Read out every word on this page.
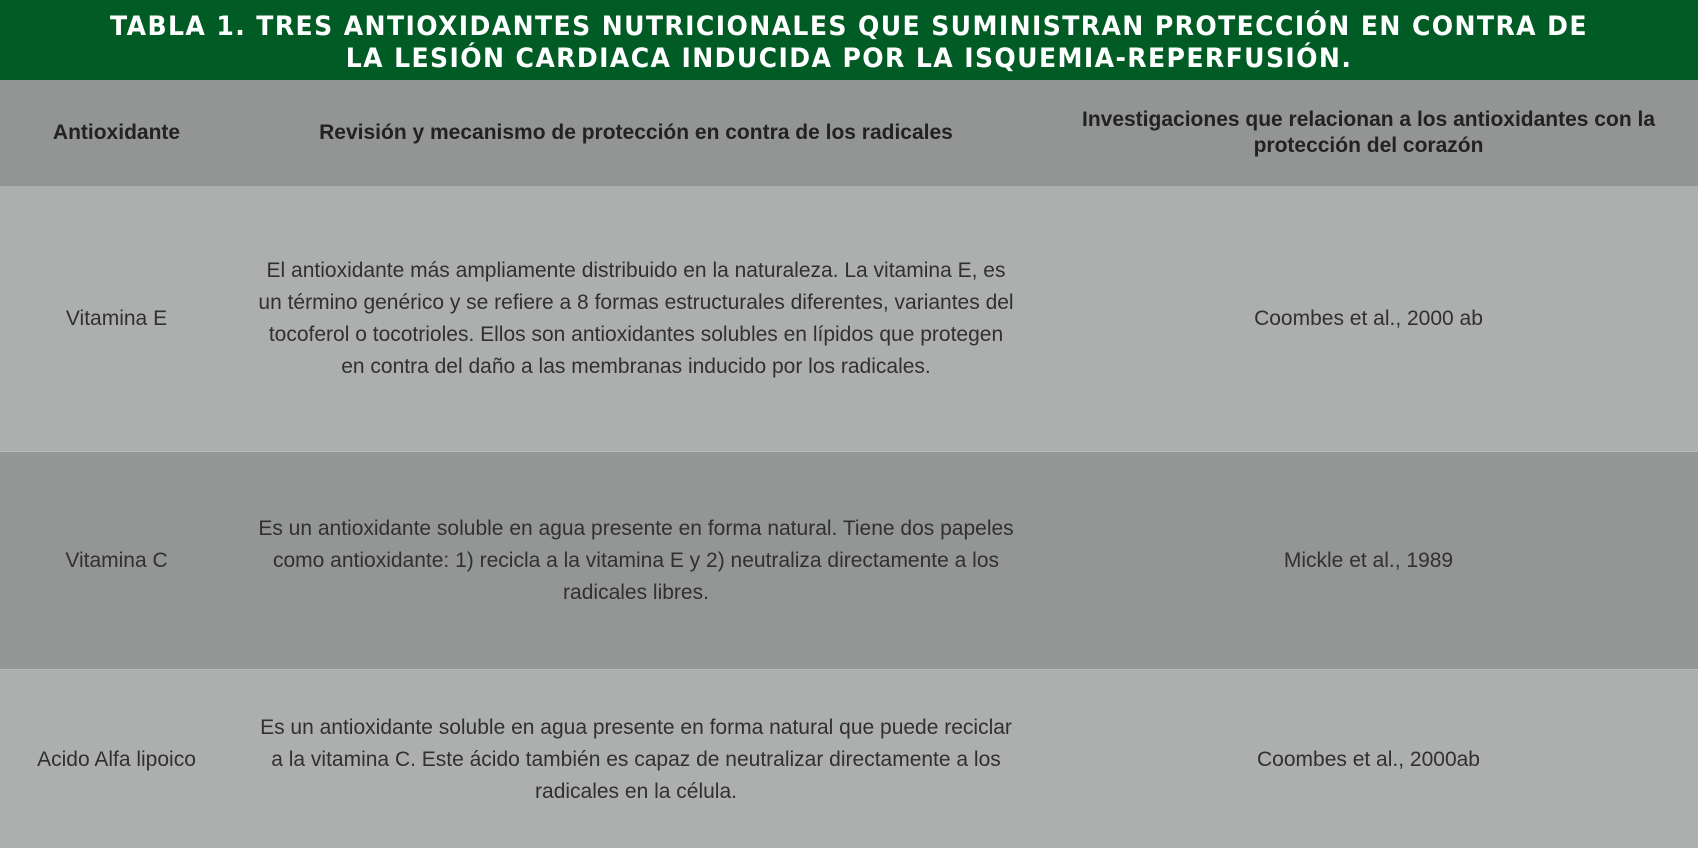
TABLA 1. TRES ANTIOXIDANTES NUTRICIONALES QUE SUMINISTRAN PROTECCIÓN EN CONTRA DE LA LESIÓN CARDIACA INDUCIDA POR LA ISQUEMIA-REPERFUSIÓN.
Antioxidante	Revisión y mecanismo de protección en contra de los radicales
Investigaciones que relacionan a los antioxidantes con la protección del corazón
Vitamina E
El antioxidante más ampliamente distribuido en la naturaleza. La vitamina E, es un término genérico y se refiere a 8 formas estructurales diferentes, variantes del tocoferol o tocotrioles. Ellos son antioxidantes solubles en lípidos que protegen en contra del daño a las membranas inducido por los radicales.
Coombes et al., 2000 ab
Vitamina C
Es un antioxidante soluble en agua presente en forma natural. Tiene dos papeles como antioxidante: 1) recicla a la vitamina E y 2) neutraliza directamente a los radicales libres.
Mickle et al., 1989
Acido Alfa lipoico
Es un antioxidante soluble en agua presente en forma natural que puede reciclar a la vitamina C. Este ácido también es capaz de neutralizar directamente a los radicales en la célula.
Coombes et al., 2000ab
